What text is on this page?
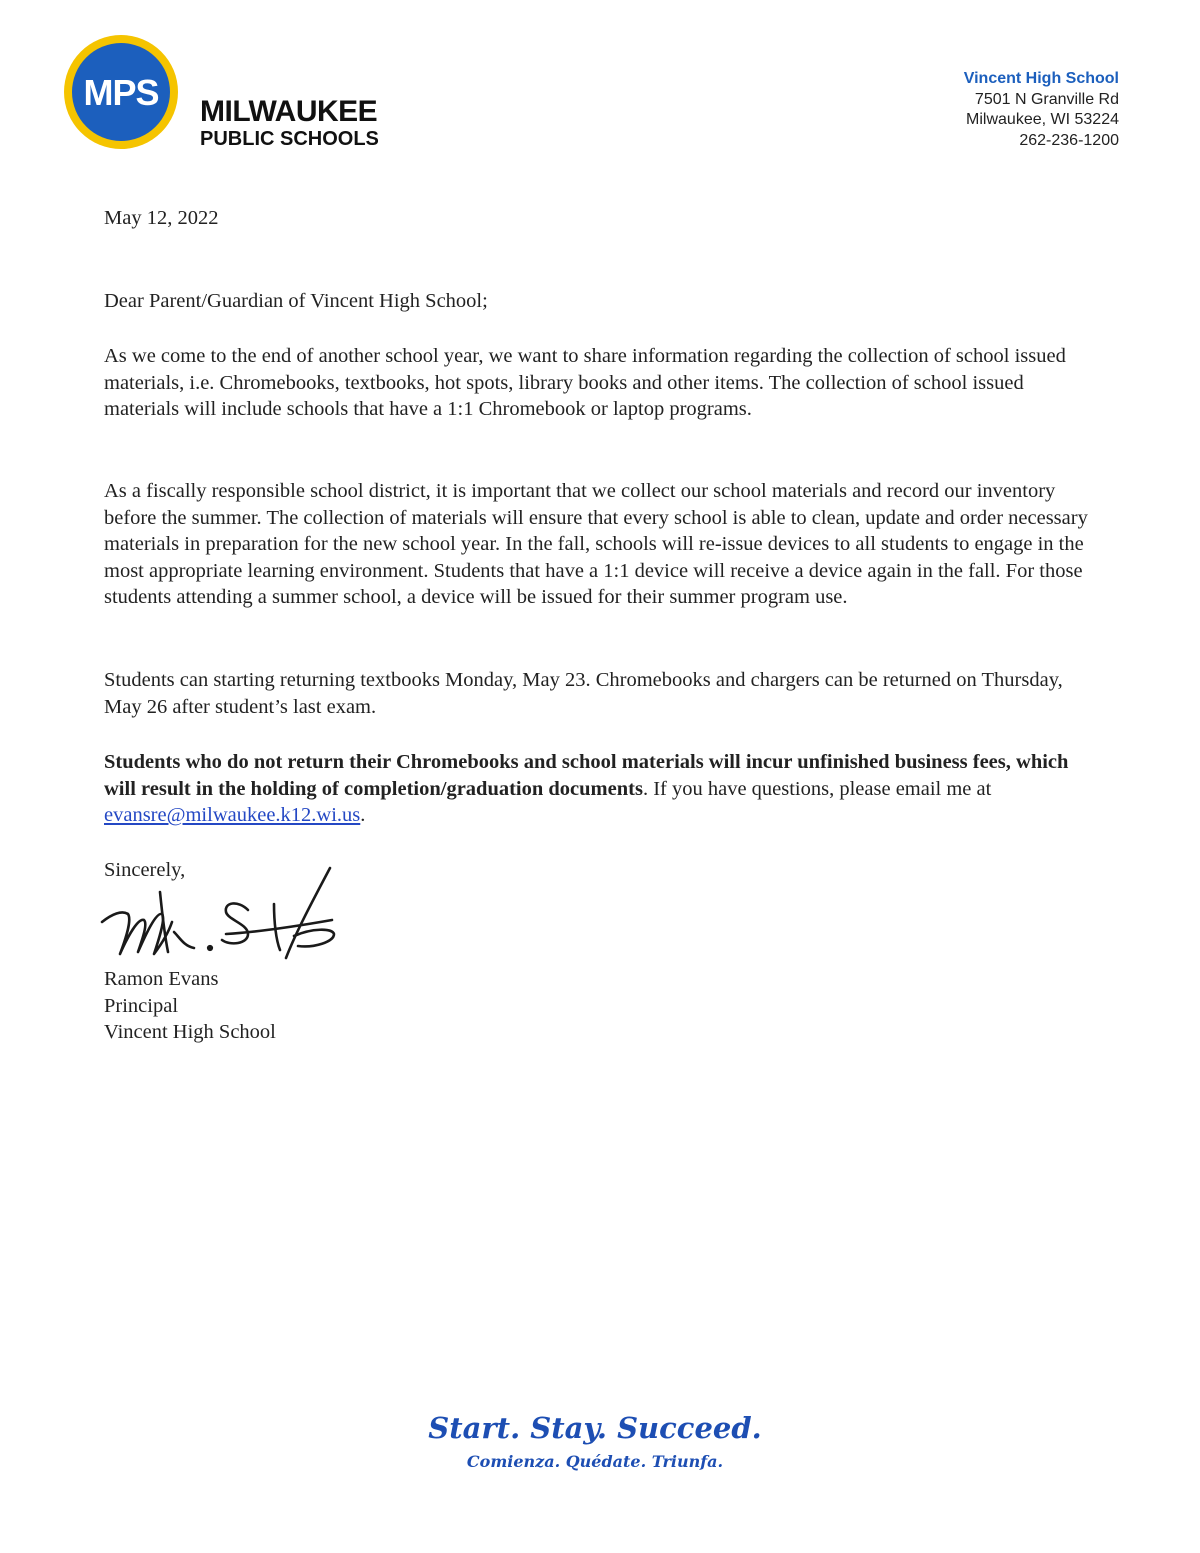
MPS MILWAUKEE
PUBLIC SCHOOLS
Vincent High School
7501 N Granville Rd
Milwaukee, WI 53224
262-236-1200
May 12, 2022
Dear Parent/Guardian of Vincent High School;
As we come to the end of another school year, we want to share information regarding the collection of school issued materials, i.e. Chromebooks, textbooks, hot spots, library books and other items. The collection of school issued materials will include schools that have a 1:1 Chromebook or laptop programs.
As a fiscally responsible school district, it is important that we collect our school materials and record our inventory before the summer. The collection of materials will ensure that every school is able to clean, update and order necessary materials in preparation for the new school year. In the fall, schools will re-issue devices to all students to engage in the most appropriate learning environment. Students that have a 1:1 device will receive a device again in the fall. For those students attending a summer school, a device will be issued for their summer program use.
Students can starting returning textbooks Monday, May 23. Chromebooks and chargers can be returned on Thursday, May 26 after student’s last exam.
Students who do not return their Chromebooks and school materials will incur unfinished business fees, which will result in the holding of completion/graduation documents. If you have questions, please email me at evansre@milwaukee.k12.wi.us.
Sincerely,
Ramon Evans
Principal
Vincent High School
Start. Stay. Succeed.
Comienza. Quédate. Triunfa.
